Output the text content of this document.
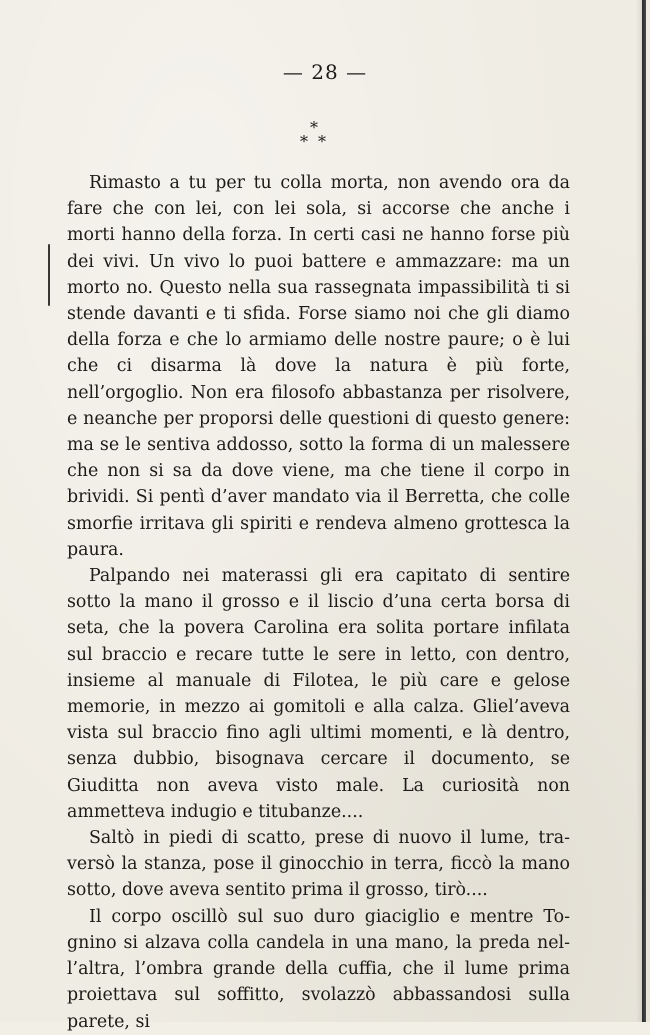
— 28 —
*
* *

Rimasto a tu per tu colla morta, non avendo ora da fare che con lei, con lei sola, si accorse che anche i morti hanno della forza. In certi casi ne hanno forse più dei vivi. Un vivo lo puoi battere e ammazzare: ma un morto no. Questo nella sua rassegnata impassibilità ti si stende davanti e ti sfida. Forse siamo noi che gli diamo della forza e che lo armiamo delle nostre paure; o è lui che ci disarma là dove la natura è più forte, nell’orgoglio. Non era filosofo abbastanza per risolvere, e neanche per proporsi delle questioni di questo genere: ma se le sentiva addosso, sotto la forma di un malessere che non si sa da dove viene, ma che tiene il corpo in brividi. Si pentì d’aver mandato via il Berretta, che colle smorfie irritava gli spiriti e rendeva almeno grottesca la paura.

Palpando nei materassi gli era capitato di sentire sotto la mano il grosso e il liscio d’una certa borsa di seta, che la povera Carolina era solita portare infilata sul braccio e recare tutte le sere in letto, con dentro, insieme al manuale di Filotea, le più care e gelose memorie, in mezzo ai gomitoli e alla calza. Gliel’aveva vista sul braccio fino agli ultimi momenti, e là dentro, senza dubbio, bisognava cercare il documento, se Giuditta non aveva visto male. La curiosità non ammetteva indugio e titubanze....

Saltò in piedi di scatto, prese di nuovo il lume, traversò la stanza, pose il ginocchio in terra, ficcò la mano sotto, dove aveva sentito prima il grosso, tirò....

Il corpo oscillò sul suo duro giaciglio e mentre Tognino si alzava colla candela in una mano, la preda nell’altra, l’ombra grande della cuffia, che il lume prima proiettava sul soffitto, svolazzò abbassandosi sulla parete, si
